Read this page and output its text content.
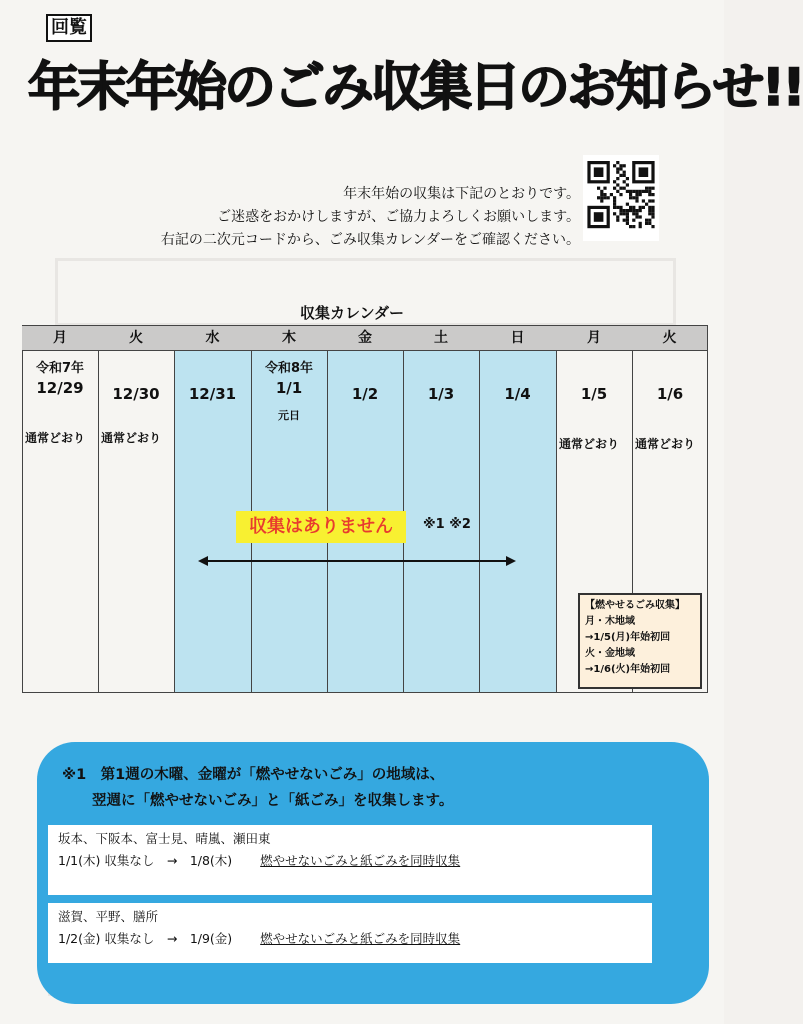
回覧
年末年始のごみ収集日のお知らせ!!
年末年始の収集は下記のとおりです。
ご迷惑をおかけしますが、ご協力よろしくお願いします。
右記の二次元コードから、ごみ収集カレンダーをご確認ください。
収集カレンダー
月
令和7年
12/29
通常どおり
火
12/30
通常どおり
水
12/31
木
令和8年
1/1
元日
金
1/2
土
1/3
日
1/4
月
1/5
通常どおり
火
1/6
通常どおり
収集はありません	※1 ※2
【燃やせるごみ収集】
月・木地域
→1/5(月)年始初回
火・金地域
→1/6(火)年始初回
※1　第1週の木曜、金曜が「燃やせないごみ」の地域は、
翌週に「燃やせないごみ」と「紙ごみ」を収集します。
坂本、下阪本、富士見、晴嵐、瀬田東
1/1(木) 収集なし　→　1/8(木) 燃やせないごみと紙ごみを同時収集
滋賀、平野、膳所
1/2(金) 収集なし　→　1/9(金) 燃やせないごみと紙ごみを同時収集
